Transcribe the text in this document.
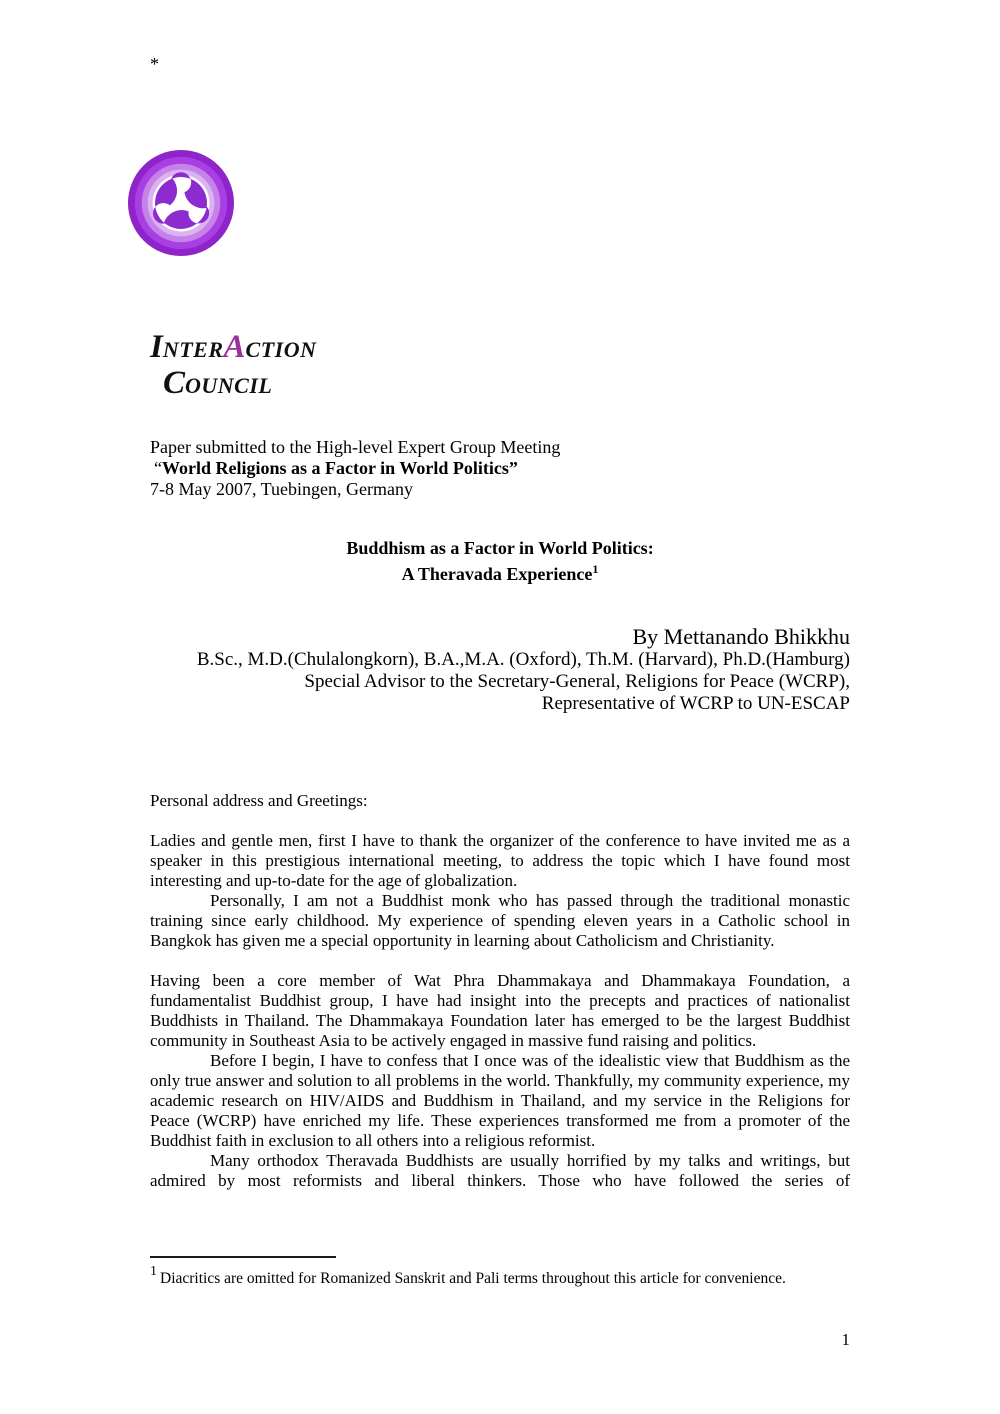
*
INTERACTION
COUNCIL
Paper submitted to the High-level Expert Group Meeting
“World Religions as a Factor in World Politics”
7-8 May 2007, Tuebingen, Germany
Buddhism as a Factor in World Politics:
A Theravada Experience$^1$
By Mettanando Bhikkhu
B.Sc., M.D.(Chulalongkorn), B.A.,M.A. (Oxford), Th.M. (Harvard), Ph.D.(Hamburg)
Special Advisor to the Secretary-General, Religions for Peace (WCRP),
Representative of WCRP to UN-ESCAP
Personal address and Greetings:

Ladies and gentle men, first I have to thank the organizer of the conference to have invited me as a speaker in this prestigious international meeting, to address the topic which I have found most interesting and up-to-date for the age of globalization.

Personally, I am not a Buddhist monk who has passed through the traditional monastic training since early childhood. My experience of spending eleven years in a Catholic school in Bangkok has given me a special opportunity in learning about Catholicism and Christianity.

Having been a core member of Wat Phra Dhammakaya and Dhammakaya Foundation, a fundamentalist Buddhist group, I have had insight into the precepts and practices of nationalist Buddhists in Thailand. The Dhammakaya Foundation later has emerged to be the largest Buddhist community in Southeast Asia to be actively engaged in massive fund raising and politics.

Before I begin, I have to confess that I once was of the idealistic view that Buddhism as the only true answer and solution to all problems in the world. Thankfully, my community experience, my academic research on HIV/AIDS and Buddhism in Thailand, and my service in the Religions for Peace (WCRP) have enriched my life. These experiences transformed me from a promoter of the Buddhist faith in exclusion to all others into a religious reformist.

Many orthodox Theravada Buddhists are usually horrified by my talks and writings, but admired by most reformists and liberal thinkers. Those who have followed the series of

$^1$ Diacritics are omitted for Romanized Sanskrit and Pali terms throughout this article for convenience.
1
